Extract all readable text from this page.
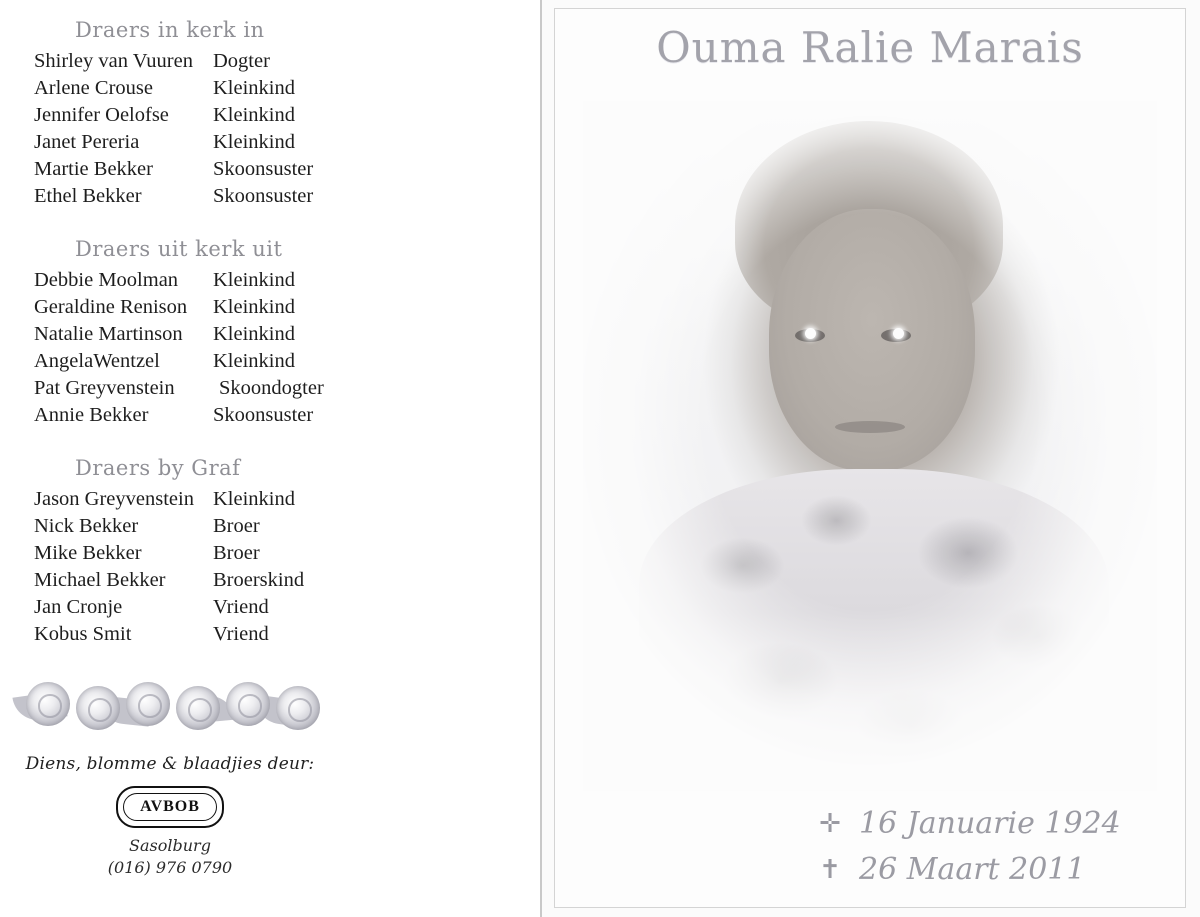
Draers in kerk in
Shirley van Vuuren Dogter
Arlene Crouse	Kleinkind
Jennifer Oelofse Kleinkind
Janet Pereria	Kleinkind
Martie Bekker	Skoonsuster
Ethel Bekker	Skoonsuster
Draers uit kerk uit
Debbie Moolman Kleinkind
Geraldine Renison Kleinkind
Natalie Martinson Kleinkind
AngelaWentzel	Kleinkind
Pat Greyvenstein Skoondogter
Annie Bekker	Skoonsuster
Draers by Graf
Jason Greyvenstein Kleinkind
Nick Bekker	Broer
Mike Bekker	Broer
Michael Bekker Broerskind
Jan Cronje	Vriend
Kobus Smit	Vriend
Diens, blomme & blaadjies deur:
AVBOB
Sasolburg
(016) 976 0790
Ouma Ralie Marais
✛ 16 Januarie 1924
✝ 26 Maart 2011
